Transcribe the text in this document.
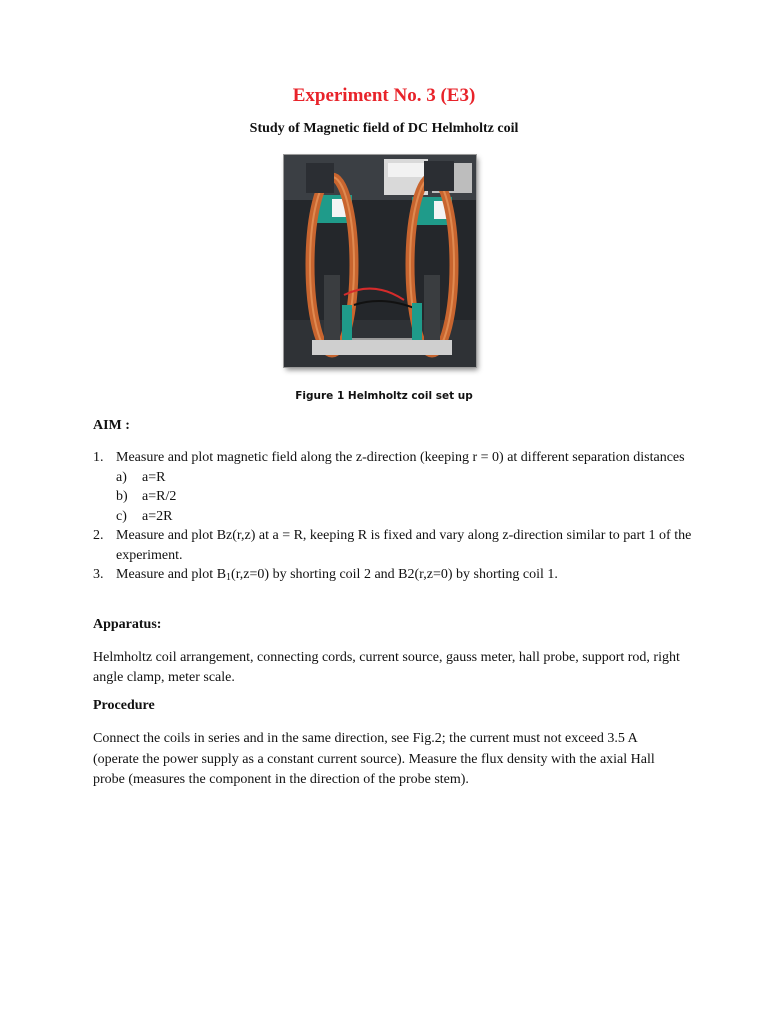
Experiment No. 3 (E3)
Study of Magnetic field of DC Helmholtz coil
Figure 1 Helmholtz coil set up
AIM :
1. Measure and plot magnetic field along the z-direction (keeping r = 0) at different separation distances
a) a=R
b) a=R/2
c) a=2R
2. Measure and plot Bz(r,z) at a = R, keeping R is fixed and vary along z-direction similar to part 1 of the experiment.
3. Measure and plot $B_1(r,z=0)$ by shorting coil 2 and B2(r,z=0) by shorting coil 1.
Apparatus:
Helmholtz coil arrangement, connecting cords, current source, gauss meter, hall probe, support rod, right angle clamp, meter scale.
Procedure
Connect the coils in series and in the same direction, see Fig.2; the current must not exceed 3.5 A (operate the power supply as a constant current source). Measure the flux density with the axial Hall probe (measures the component in the direction of the probe stem).
